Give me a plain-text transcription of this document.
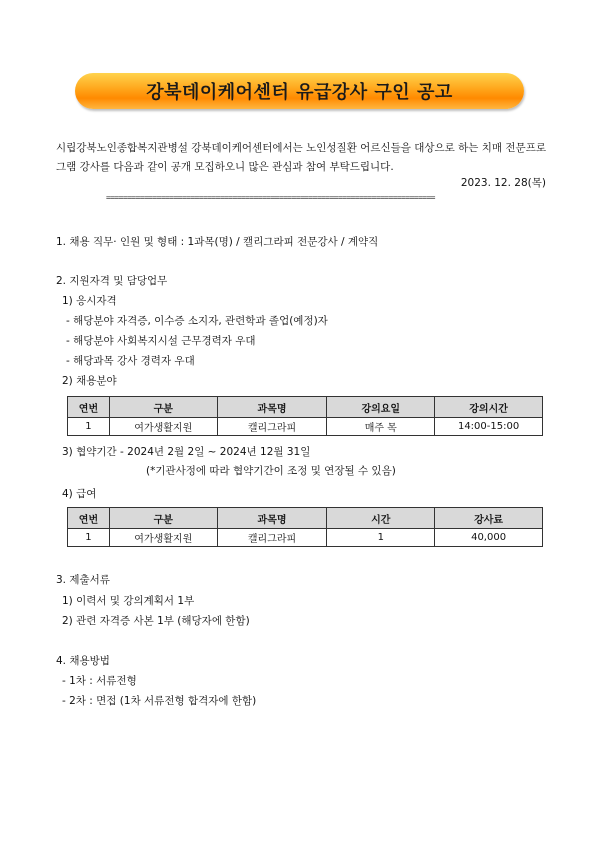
강북데이케어센터 유급강사 구인 공고
시립강북노인종합복지관병설 강북데이케어센터에서는 노인성질환 어르신들을 대상으로 하는 치매 전문프로그램 강사를 다음과 같이 공개 모집하오니 많은 관심과 참여 부탁드립니다.
2023. 12. 28(목)
==============================================================================
1. 채용 직무· 인원 및 형태 : 1과목(명) / 캘리그라피 전문강사 / 계약직
2. 지원자격 및 담당업무
1) 응시자격
- 해당분야 자격증, 이수증 소지자, 관련학과 졸업(예정)자
- 해당분야 사회복지시설 근무경력자 우대
- 해당과목 강사 경력자 우대
2) 채용분야
연번	구분	과목명	강의요일	강의시간
1	여가생활지원	캘리그라피	매주 목	14:00-15:00
3) 협약기간 - 2024년 2월 2일 ~ 2024년 12월 31일
(*기관사정에 따라 협약기간이 조정 및 연장될 수 있음)
4) 급여
연번	구분	과목명	시간	강사료
1	여가생활지원	캘리그라피	1	40,000
3. 제출서류
1) 이력서 및 강의계획서 1부
2) 관련 자격증 사본 1부 (해당자에 한함)
4. 채용방법
- 1차 : 서류전형
- 2차 : 면접 (1차 서류전형 합격자에 한함)
